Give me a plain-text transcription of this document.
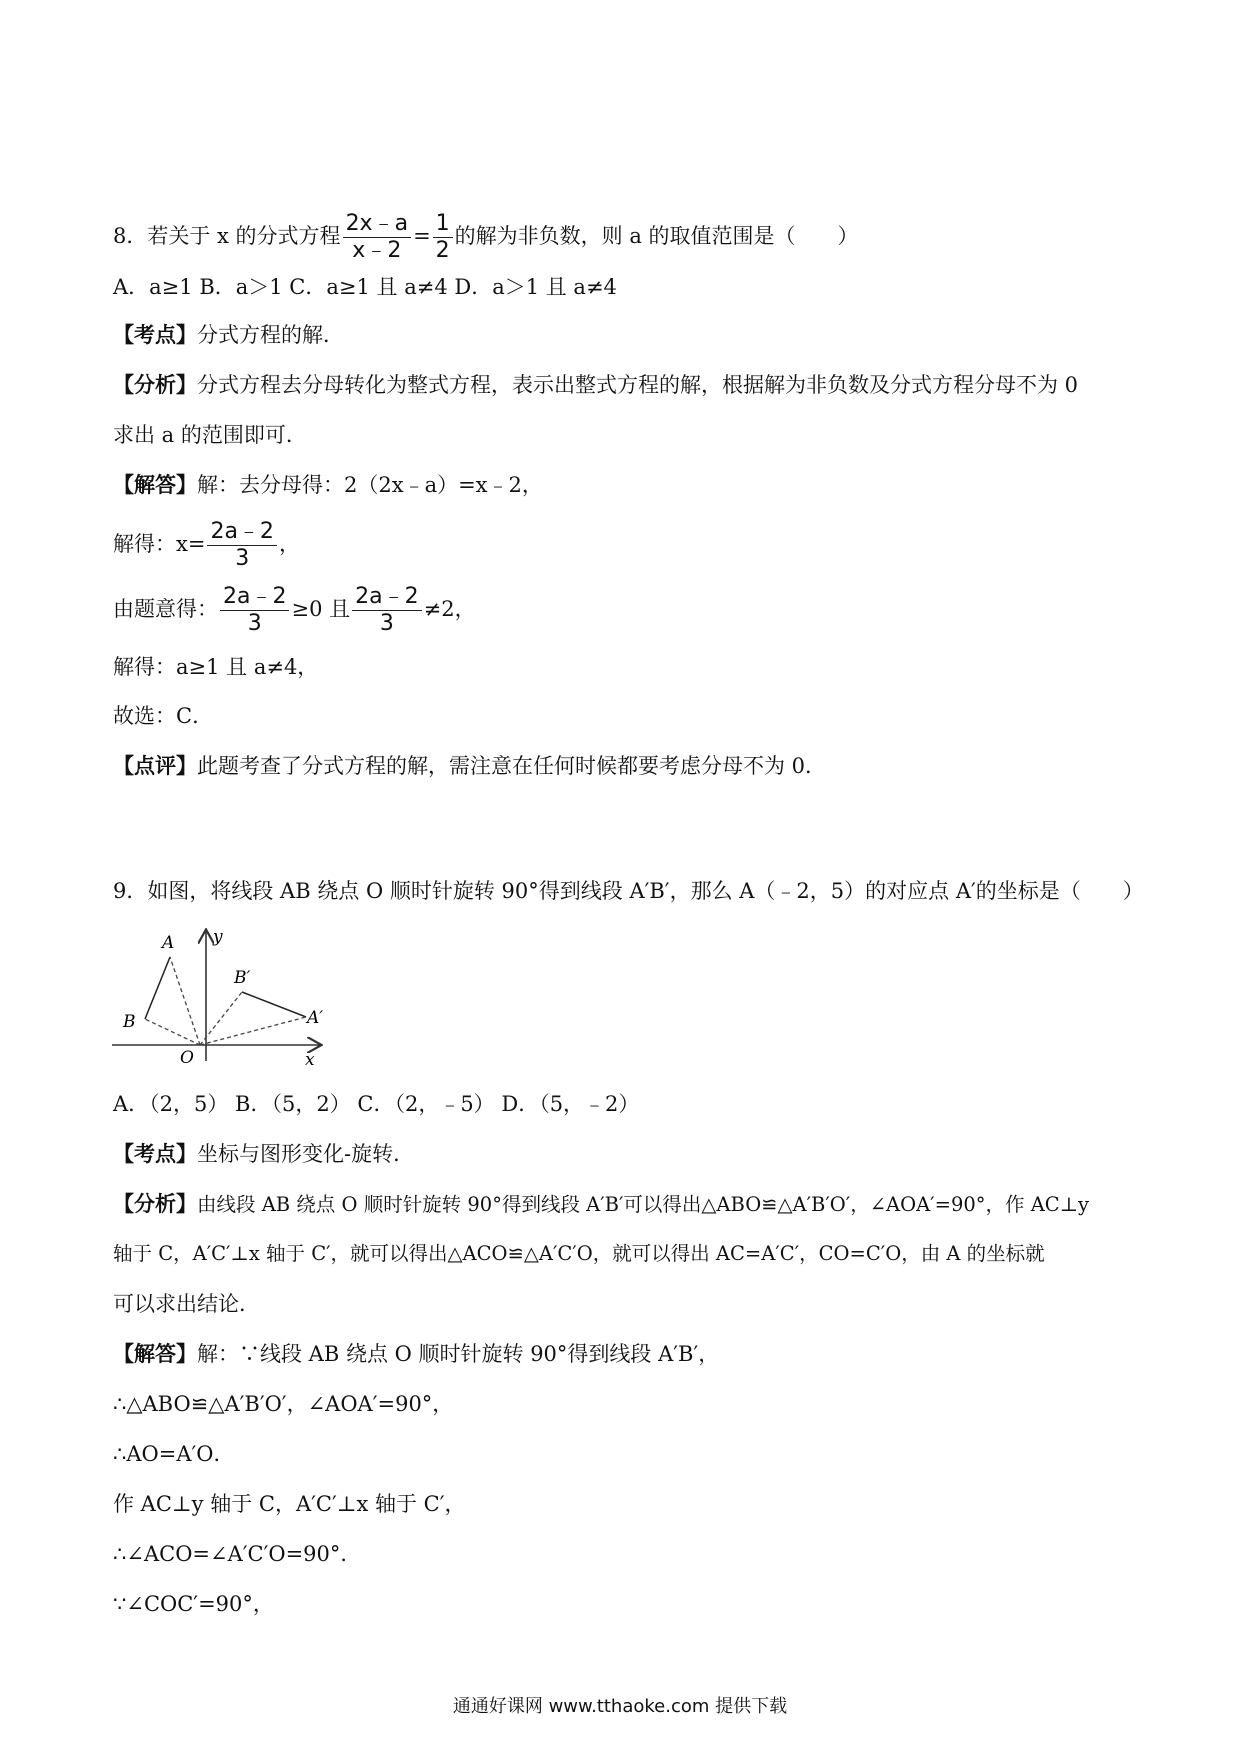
8．若关于 x 的分式方程 $\frac{2x﹣a}{x﹣2} = \frac{1}{2}$ 的解为非负数，则 a 的取值范围是（　　）
A．a≥1 B．a＞1 C．a≥1 且 a≠4 D．a＞1 且 a≠4
【考点】分式方程的解．
【分析】分式方程去分母转化为整式方程，表示出整式方程的解，根据解为非负数及分式方程分母不为 0
求出 a 的范围即可．
【解答】解：去分母得：2（2x﹣a）=x﹣2，
解得：$x= \frac{2a﹣2}{3}$ ，
由题意得： $\frac{2a﹣2}{3} \ge 0$ 且 $\frac{2a﹣2}{3} \ne 2$，
解得：a≥1 且 a≠4，
故选：C．
【点评】此题考查了分式方程的解，需注意在任何时候都要考虑分母不为 0．
9．如图，将线段 AB 绕点 O 顺时针旋转 90°得到线段 A′B′，那么 A（﹣2，5）的对应点 A′的坐标是（　　）
A
B
B′
A′
O	x
y
A．（2，5） B．（5，2） C．（2，﹣5） D．（5，﹣2）
【考点】坐标与图形变化-旋转．
【分析】由线段 AB 绕点 O 顺时针旋转 90°得到线段 A′B′可以得出△ABO≌△A′B′O′，∠AOA′=90°，作 AC⊥y
轴于 C，A′C′⊥x 轴于 C′，就可以得出△ACO≌△A′C′O，就可以得出 AC=A′C′，CO=C′O，由 A 的坐标就
可以求出结论．
【解答】解：∵线段 AB 绕点 O 顺时针旋转 90°得到线段 A′B′，
∴△ABO≌△A′B′O′，∠AOA′=90°，
∴AO=A′O．
作 AC⊥y 轴于 C，A′C′⊥x 轴于 C′，
∴∠ACO=∠A′C′O=90°．
∵∠COC′=90°，
通通好课网 www.tthaoke.com 提供下载
